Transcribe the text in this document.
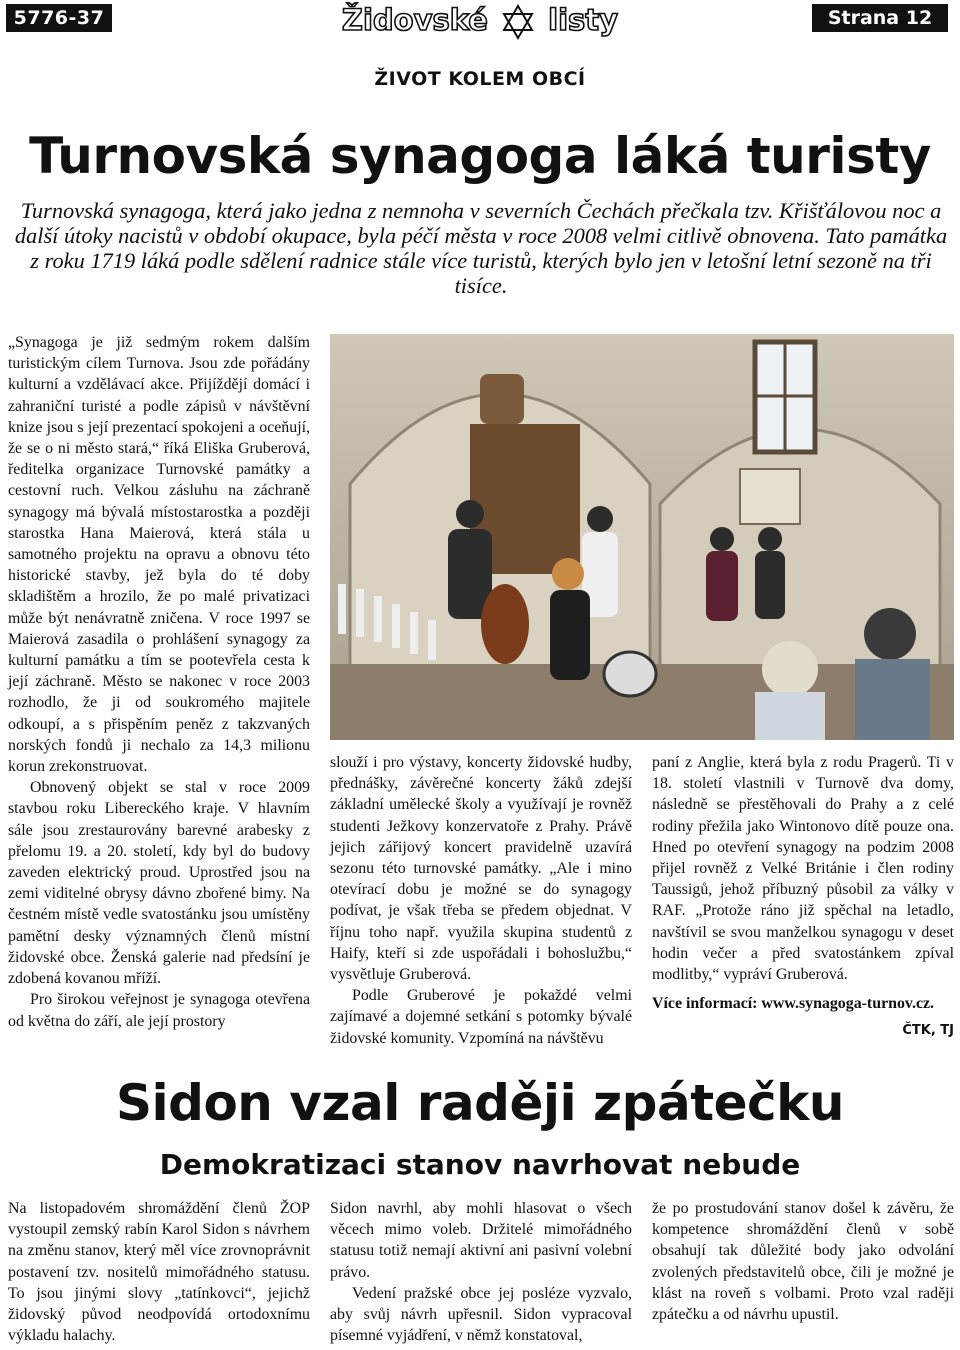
5776-37	Židovské listy	Strana 12
ŽIVOT KOLEM OBCÍ
Turnovská synagoga láká turisty
Turnovská synagoga, která jako jedna z nemnoha v severních Čechách přečkala tzv. Křišťálovou noc a další útoky nacistů v období okupace, byla péčí města v roce 2008 velmi citlivě obnovena. Tato památka z roku 1719 láká podle sdělení radnice stále více turistů, kterých bylo jen v letošní letní sezoně na tři tisíce.

„Synagoga je již sedmým rokem dalším turistickým cílem Turnova. Jsou zde pořádány kulturní a vzdělávací akce. Přijíždějí domácí i zahraniční turisté a podle zápisů v návštěvní knize jsou s její prezentací spokojeni a oceňují, že se o ni město stará,“ říká Eliška Gruberová, ředitelka organizace Turnovské památky a cestovní ruch. Velkou zásluhu na záchraně synagogy má bývalá místostarostka a později starostka Hana Maierová, která stála u samotného projektu na opravu a obnovu této historické stavby, jež byla do té doby skladištěm a hrozilo, že po malé privatizaci může být nenávratně zničena. V roce 1997 se Maierová zasadila o prohlášení synagogy za kulturní památku a tím se pootevřela cesta k její záchraně. Město se nakonec v roce 2003 rozhodlo, že ji od soukromého majitele odkoupí, a s přispěním peněz z takzvaných norských fondů ji nechalo za 14,3 milionu korun zrekonstruovat.

Obnovený objekt se stal v roce 2009 stavbou roku Libereckého kraje. V hlavním sále jsou zrestaurovány barevné arabesky z přelomu 19. a 20. století, kdy byl do budovy zaveden elektrický proud. Uprostřed jsou na zemi viditelné obrysy dávno zbořené bimy. Na čestném místě vedle svatostánku jsou umístěny pamětní desky významných členů místní židovské obce. Ženská galerie nad předsíní je zdobená kovanou mříží.

Pro širokou veřejnost je synagoga otevřena od května do září, ale její prostory

slouží i pro výstavy, koncerty židovské hudby, přednášky, závěrečné koncerty žáků zdejší základní umělecké školy a využívají je rovněž studenti Ježkovy konzervatoře z Prahy. Právě jejich zářijový koncert pravidelně uzavírá sezonu této turnovské památky. „Ale i mino otevírací dobu je možné se do synagogy podívat, je však třeba se předem objednat. V říjnu toho např. využila skupina studentů z Haify, kteří si zde uspořádali i bohoslužbu,“ vysvětluje Gruberová.

Podle Gruberové je pokaždé velmi zajímavé a dojemné setkání s potomky bývalé židovské komunity. Vzpomíná na návštěvu

paní z Anglie, která byla z rodu Pragerů. Ti v 18. století vlastnili v Turnově dva domy, následně se přestěhovali do Prahy a z celé rodiny přežila jako Wintonovo dítě pouze ona. Hned po otevření synagogy na podzim 2008 přijel rovněž z Velké Británie i člen rodiny Taussigů, jehož příbuzný působil za války v RAF. „Protože ráno již spěchal na letadlo, navštívil se svou manželkou synagogu v deset hodin večer a před svatostánkem zpíval modlitby,“ vypráví Gruberová.

Více informací: www.synagoga-turnov.cz.

ČTK, TJ

Sidon vzal raději zpátečku
Demokratizaci stanov navrhovat nebude

Na listopadovém shromáždění členů ŽOP vystoupil zemský rabín Karol Sidon s návrhem na změnu stanov, který měl více zrovnoprávnit postavení tzv. nositelů mimořádného statusu. To jsou jinými slovy „tatínkovci“, jejichž židovský původ neodpovídá ortodoxnímu výkladu halachy.

Sidon navrhl, aby mohli hlasovat o všech věcech mimo voleb. Držitelé mimořádného statusu totiž nemají aktivní ani pasivní volební právo.

Vedení pražské obce jej posléze vyzvalo, aby svůj návrh upřesnil. Sidon vypracoval písemné vyjádření, v němž konstatoval,

že po prostudování stanov došel k závěru, že kompetence shromáždění členů v sobě obsahují tak důležité body jako odvolání zvolených představitelů obce, čili je možné je klást na roveň s volbami. Proto vzal raději zpátečku a od návrhu upustil.
